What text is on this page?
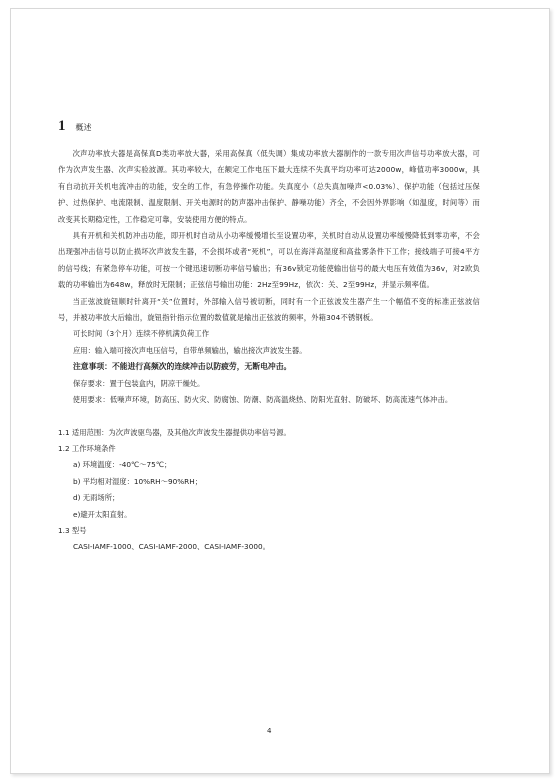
1 概述

次声功率放大器是高保真D类功率放大器，采用高保真（低失调）集成功率放大器制作的一款专用次声信号功率放大器，可作为次声发生器、次声实验波源。其功率较大，在额定工作电压下最大连续不失真平均功率可达2000w，峰值功率3000w，具有自动抗开关机电流冲击的功能，安全的工作，有急停操作功能。失真度小（总失真加噪声<0.03%）、保护功能（包括过压保护、过热保护、电流限制、温度限制、开关电源时的防声器冲击保护、静噪功能）齐全，不会因外界影响（如温度，时间等）而改变其长期稳定性，工作稳定可靠，安装使用方便的特点。

具有开机和关机防冲击功能，即开机时自动从小功率缓慢增长至设置功率，关机时自动从设置功率缓慢降低到零功率，不会出现强冲击信号以防止损坏次声波发生器，不会损坏或者“死机”，可以在海洋高湿度和高盐雾条件下工作；接线端子可接4平方的信号线；有紧急停车功能，可按一个键迅速切断功率信号输出；有36v锁定功能使输出信号的最大电压有效值为36v，对2欧负载的功率输出为648w，释放时无限制；正弦信号输出功能：2Hz至99Hz，依次：关、2至99Hz，并显示频率值。

当正弦波旋钮顺时针离开“关”位置时，外部输入信号被切断，同时有一个正弦波发生器产生一个幅值不变的标准正弦波信号，并被功率放大后输出，旋钮指针指示位置的数值就是输出正弦波的频率，外箱304不锈钢板。

可长时间（3个月）连续不停机满负荷工作

应用：输入端可接次声电压信号，自带单频输出，输出接次声波发生器。

注意事项：不能进行高频次的连续冲击以防疲劳，无断电冲击。

保存要求：置于包装盒内，阴凉干燥处。

使用要求：低噪声环境，防高压、防火灾、防腐蚀、防潮、防高温烧热、防阳光直射、防破坏、防高流速气体冲击。

1.1 适用范围：为次声波驱鸟器，及其他次声波发生器提供功率信号源。

1.2 工作环境条件

a) 环境温度：-40℃～75℃；

b) 平均相对湿度：10%RH～90%RH；

d) 无雨场所；

e)避开太阳直射。

1.3 型号

CASI-IAMF-1000、CASI-IAMF-2000、CASI-IAMF-3000。

4
